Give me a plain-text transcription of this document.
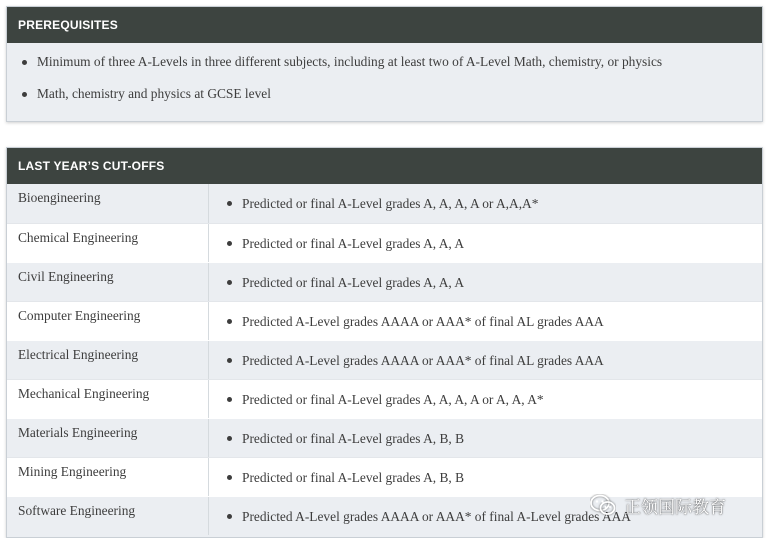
PREREQUISITES
Minimum of three A-Levels in three different subjects, including at least two of A-Level Math, chemistry, or physics
Math, chemistry and physics at GCSE level
LAST YEAR’S CUT-OFFS
Bioengineering	Predicted or final A-Level grades A, A, A, A or A,A,A*
Chemical Engineering	Predicted or final A-Level grades A, A, A
Civil Engineering	Predicted or final A-Level grades A, A, A
Computer Engineering	Predicted A-Level grades AAAA or AAA* of final AL grades AAA
Electrical Engineering	Predicted A-Level grades AAAA or AAA* of final AL grades AAA
Mechanical Engineering	Predicted or final A-Level grades A, A, A, A or A, A, A*
Materials Engineering	Predicted or final A-Level grades A, B, B
Mining Engineering	Predicted or final A-Level grades A, B, B
Software Engineering	Predicted A-Level grades AAAA or AAA* of final A-Level grades AAA
正领国际教育
